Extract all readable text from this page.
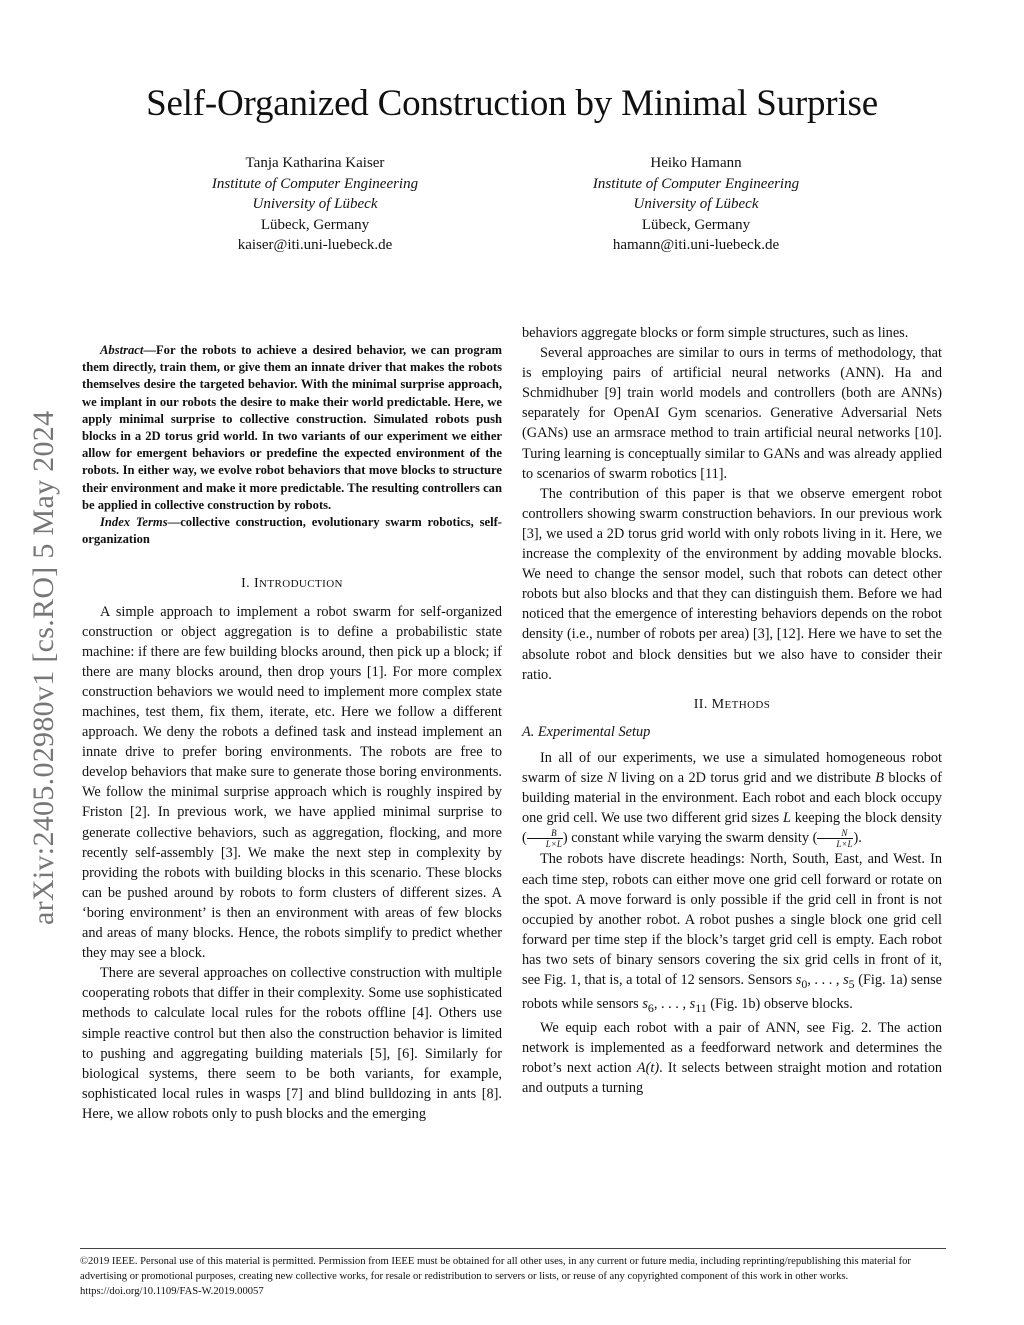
Self-Organized Construction by Minimal Surprise
Tanja Katharina Kaiser
Institute of Computer Engineering
University of Lübeck
Lübeck, Germany
kaiser@iti.uni-luebeck.de
Heiko Hamann
Institute of Computer Engineering
University of Lübeck
Lübeck, Germany
hamann@iti.uni-luebeck.de
arXiv:2405.02980v1 [cs.RO] 5 May 2024

Abstract—For the robots to achieve a desired behavior, we can program them directly, train them, or give them an innate driver that makes the robots themselves desire the targeted behavior. With the minimal surprise approach, we implant in our robots the desire to make their world predictable. Here, we apply minimal surprise to collective construction. Simulated robots push blocks in a 2D torus grid world. In two variants of our experiment we either allow for emergent behaviors or predefine the expected environment of the robots. In either way, we evolve robot behaviors that move blocks to structure their environment and make it more predictable. The resulting controllers can be applied in collective construction by robots.

Index Terms—collective construction, evolutionary swarm robotics, self-organization

I. INTRODUCTION

A simple approach to implement a robot swarm for self-organized construction or object aggregation is to define a probabilistic state machine: if there are few building blocks around, then pick up a block; if there are many blocks around, then drop yours [1]. For more complex construction behaviors we would need to implement more complex state machines, test them, fix them, iterate, etc. Here we follow a different approach. We deny the robots a defined task and instead implement an innate drive to prefer boring environments. The robots are free to develop behaviors that make sure to generate those boring environments. We follow the minimal surprise approach which is roughly inspired by Friston [2]. In previous work, we have applied minimal surprise to generate collective behaviors, such as aggregation, flocking, and more recently self-assembly [3]. We make the next step in complexity by providing the robots with building blocks in this scenario. These blocks can be pushed around by robots to form clusters of different sizes. A ‘boring environment’ is then an environment with areas of few blocks and areas of many blocks. Hence, the robots simplify to predict whether they may see a block.

There are several approaches on collective construction with multiple cooperating robots that differ in their complexity. Some use sophisticated methods to calculate local rules for the robots offline [4]. Others use simple reactive control but then also the construction behavior is limited to pushing and aggregating building materials [5], [6]. Similarly for biological systems, there seem to be both variants, for example, sophisticated local rules in wasps [7] and blind bulldozing in ants [8]. Here, we allow robots only to push blocks and the emerging

behaviors aggregate blocks or form simple structures, such as lines.

Several approaches are similar to ours in terms of methodology, that is employing pairs of artificial neural networks (ANN). Ha and Schmidhuber [9] train world models and controllers (both are ANNs) separately for OpenAI Gym scenarios. Generative Adversarial Nets (GANs) use an armsrace method to train artificial neural networks [10]. Turing learning is conceptually similar to GANs and was already applied to scenarios of swarm robotics [11].

The contribution of this paper is that we observe emergent robot controllers showing swarm construction behaviors. In our previous work [3], we used a 2D torus grid world with only robots living in it. Here, we increase the complexity of the environment by adding movable blocks. We need to change the sensor model, such that robots can detect other robots but also blocks and that they can distinguish them. Before we had noticed that the emergence of interesting behaviors depends on the robot density (i.e., number of robots per area) [3], [12]. Here we have to set the absolute robot and block densities but we also have to consider their ratio.

II. METHODS
A. Experimental Setup

In all of our experiments, we use a simulated homogeneous robot swarm of size N living on a 2D torus grid and we distribute B blocks of building material in the environment. Each robot and each block occupy one grid cell. We use two different grid sizes L keeping the block density ( $\frac{B}{L\times L}$ ) constant while varying the swarm density ( $\frac{N}{L\times L}$ ).

The robots have discrete headings: North, South, East, and West. In each time step, robots can either move one grid cell forward or rotate on the spot. A move forward is only possible if the grid cell in front is not occupied by another robot. A robot pushes a single block one grid cell forward per time step if the block’s target grid cell is empty. Each robot has two sets of binary sensors covering the six grid cells in front of it, see Fig. 1, that is, a total of 12 sensors. Sensors $s_0$, . . . , $s_5$ (Fig. 1a) sense robots while sensors $s_6$, . . . , $s_{11}$ (Fig. 1b) observe blocks.

We equip each robot with a pair of ANN, see Fig. 2. The action network is implemented as a feedforward network and determines the robot’s next action A(t). It selects between straight motion and rotation and outputs a turning

©2019 IEEE. Personal use of this material is permitted. Permission from IEEE must be obtained for all other uses, in any current or future media, including reprinting/republishing this material for advertising or promotional purposes, creating new collective works, for resale or redistribution to servers or lists, or reuse of any copyrighted component of this work in other works.
https://doi.org/10.1109/FAS-W.2019.00057
